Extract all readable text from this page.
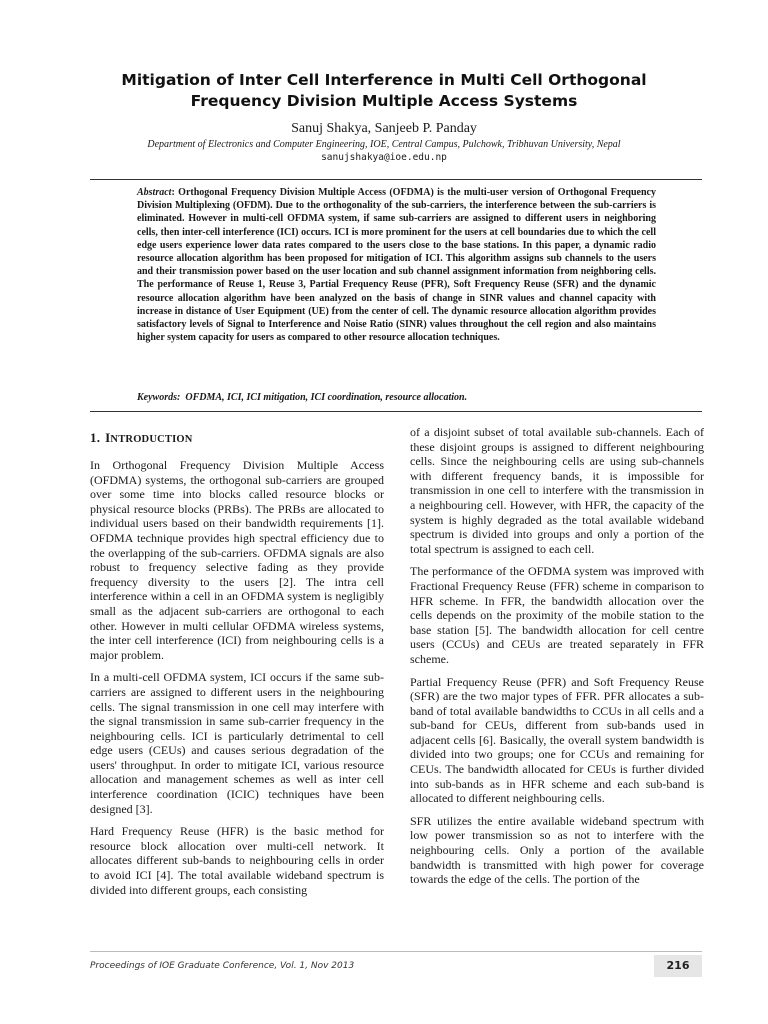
Mitigation of Inter Cell Interference in Multi Cell Orthogonal
Frequency Division Multiple Access Systems
Sanuj Shakya, Sanjeeb P. Panday
Department of Electronics and Computer Engineering, IOE, Central Campus, Pulchowk, Tribhuvan University, Nepal
sanujshakya@ioe.edu.np

Abstract: Orthogonal Frequency Division Multiple Access (OFDMA) is the multi-user version of Orthogonal Frequency Division Multiplexing (OFDM). Due to the orthogonality of the sub-carriers, the interference between the sub-carriers is eliminated. However in multi-cell OFDMA system, if same sub-carriers are assigned to different users in neighboring cells, then inter-cell interference (ICI) occurs. ICI is more prominent for the users at cell boundaries due to which the cell edge users experience lower data rates compared to the users close to the base stations. In this paper, a dynamic radio resource allocation algorithm has been proposed for mitigation of ICI. This algorithm assigns sub channels to the users and their transmission power based on the user location and sub channel assignment information from neighboring cells. The performance of Reuse 1, Reuse 3, Partial Frequency Reuse (PFR), Soft Frequency Reuse (SFR) and the dynamic resource allocation algorithm have been analyzed on the basis of change in SINR values and channel capacity with increase in distance of User Equipment (UE) from the center of cell. The dynamic resource allocation algorithm provides satisfactory levels of Signal to Interference and Noise Ratio (SINR) values throughout the cell region and also maintains higher system capacity for users as compared to other resource allocation techniques.

Keywords: OFDMA, ICI, ICI mitigation, ICI coordination, resource allocation.

1. INTRODUCTION

In Orthogonal Frequency Division Multiple Access (OFDMA) systems, the orthogonal sub-carriers are grouped over some time into blocks called resource blocks or physical resource blocks (PRBs). The PRBs are allocated to individual users based on their bandwidth requirements [1]. OFDMA technique provides high spectral efficiency due to the overlapping of the sub-carriers. OFDMA signals are also robust to frequency selective fading as they provide frequency diversity to the users [2]. The intra cell interference within a cell in an OFDMA system is negligibly small as the adjacent sub-carriers are orthogonal to each other. However in multi cellular OFDMA wireless systems, the inter cell interference (ICI) from neighbouring cells is a major problem.

In a multi-cell OFDMA system, ICI occurs if the same sub-carriers are assigned to different users in the neighbouring cells. The signal transmission in one cell may interfere with the signal transmission in same sub-carrier frequency in the neighbouring cells. ICI is particularly detrimental to cell edge users (CEUs) and causes serious degradation of the users' throughput. In order to mitigate ICI, various resource allocation and management schemes as well as inter cell interference coordination (ICIC) techniques have been designed [3].

Hard Frequency Reuse (HFR) is the basic method for resource block allocation over multi-cell network. It allocates different sub-bands to neighbouring cells in order to avoid ICI [4]. The total available wideband spectrum is divided into different groups, each consisting

of a disjoint subset of total available sub-channels. Each of these disjoint groups is assigned to different neighbouring cells. Since the neighbouring cells are using sub-channels with different frequency bands, it is impossible for transmission in one cell to interfere with the transmission in a neighbouring cell. However, with HFR, the capacity of the system is highly degraded as the total available wideband spectrum is divided into groups and only a portion of the total spectrum is assigned to each cell.

The performance of the OFDMA system was improved with Fractional Frequency Reuse (FFR) scheme in comparison to HFR scheme. In FFR, the bandwidth allocation over the cells depends on the proximity of the mobile station to the base station [5]. The bandwidth allocation for cell centre users (CCUs) and CEUs are treated separately in FFR scheme.

Partial Frequency Reuse (PFR) and Soft Frequency Reuse (SFR) are the two major types of FFR. PFR allocates a sub-band of total available bandwidths to CCUs in all cells and a sub-band for CEUs, different from sub-bands used in adjacent cells [6]. Basically, the overall system bandwidth is divided into two groups; one for CCUs and remaining for CEUs. The bandwidth allocated for CEUs is further divided into sub-bands as in HFR scheme and each sub-band is allocated to different neighbouring cells.

SFR utilizes the entire available wideband spectrum with low power transmission so as not to interfere with the neighbouring cells. Only a portion of the available bandwidth is transmitted with high power for coverage towards the edge of the cells. The portion of the

Proceedings of IOE Graduate Conference, Vol. 1, Nov 2013	216
